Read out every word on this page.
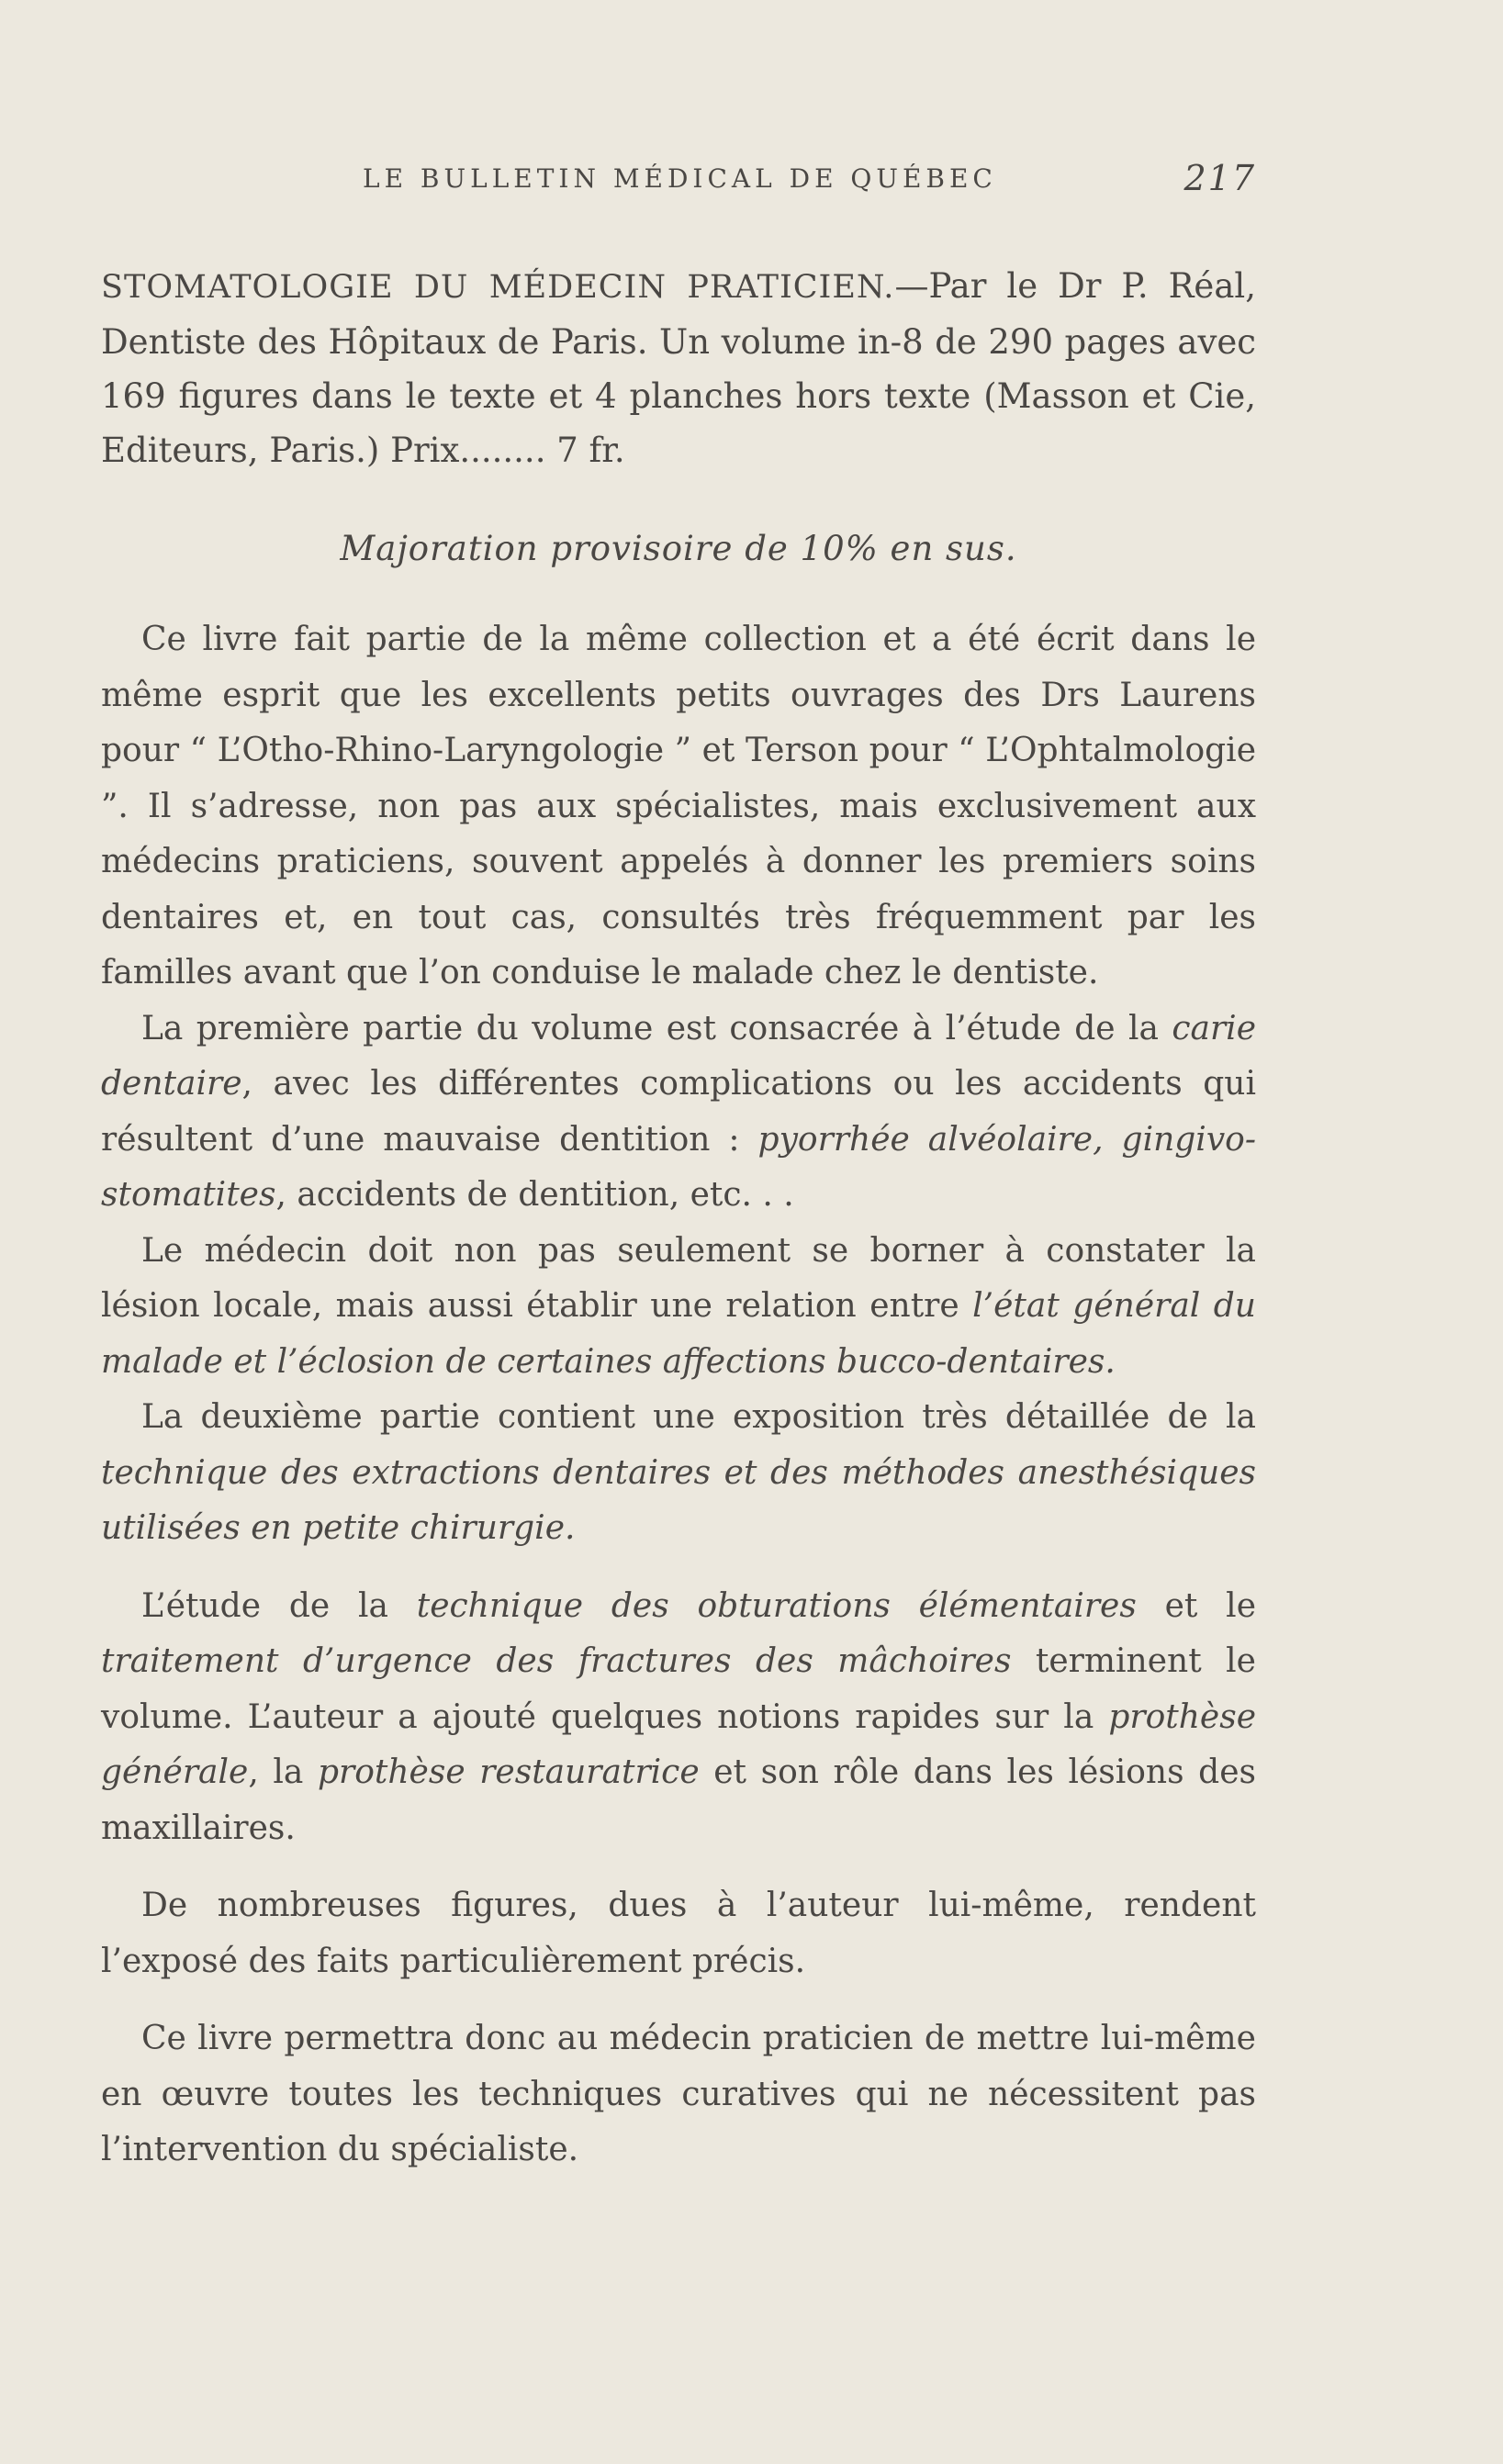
LE BULLETIN MÉDICAL DE QUÉBEC	217
STOMATOLOGIE DU MÉDECIN PRATICIEN.—Par le Dr P. Réal, Dentiste des Hôpitaux de Paris. Un volume in-8 de 290 pages avec 169 figures dans le texte et 4 planches hors texte (Masson et Cie, Editeurs, Paris.) Prix........ 7 fr.
Majoration provisoire de 10% en sus.

Ce livre fait partie de la même collection et a été écrit dans le même esprit que les excellents petits ouvrages des Drs Laurens pour “ L’Otho-Rhino-Laryngologie ” et Terson pour “ L’Ophtalmologie ”. Il s’adresse, non pas aux spécialistes, mais exclusivement aux médecins praticiens, souvent appelés à donner les premiers soins dentaires et, en tout cas, consultés très fréquemment par les familles avant que l’on conduise le malade chez le dentiste.

La première partie du volume est consacrée à l’étude de la carie dentaire, avec les différentes complications ou les accidents qui résultent d’une mauvaise dentition : pyorrhée alvéolaire, gingivo-stomatites, accidents de dentition, etc. . .

Le médecin doit non pas seulement se borner à constater la lésion locale, mais aussi établir une relation entre l’état général du malade et l’éclosion de certaines affections bucco-dentaires.

La deuxième partie contient une exposition très détaillée de la technique des extractions dentaires et des méthodes anesthésiques utilisées en petite chirurgie.

L’étude de la technique des obturations élémentaires et le traitement d’urgence des fractures des mâchoires terminent le volume. L’auteur a ajouté quelques notions rapides sur la prothèse générale, la prothèse restauratrice et son rôle dans les lésions des maxillaires.

De nombreuses figures, dues à l’auteur lui-même, rendent l’exposé des faits particulièrement précis.

Ce livre permettra donc au médecin praticien de mettre lui-même en œuvre toutes les techniques curatives qui ne nécessitent pas l’intervention du spécialiste.
